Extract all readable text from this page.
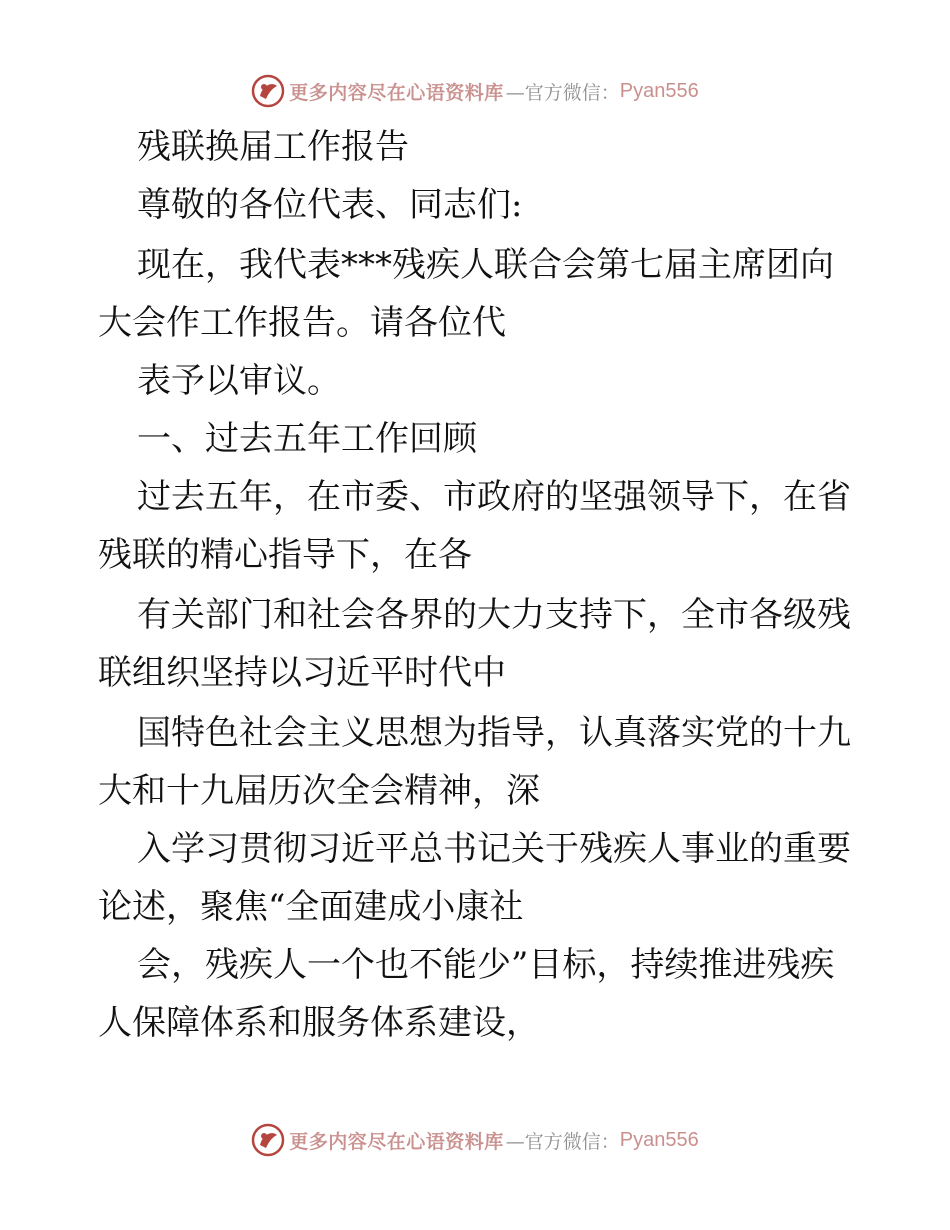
更多内容尽在心语资料库 —官方微信： Pyan556
残联换届工作报告
尊敬的各位代表、同志们:
现在，我代表***残疾人联合会第七届主席团向
大会作工作报告。请各位代
表予以审议。
一、过去五年工作回顾
过去五年，在市委、市政府的坚强领导下，在省
残联的精心指导下，在各
有关部门和社会各界的大力支持下，全市各级残
联组织坚持以习近平时代中
国特色社会主义思想为指导，认真落实党的十九
大和十九届历次全会精神，深
入学习贯彻习近平总书记关于残疾人事业的重要
论述，聚焦“全面建成小康社
会，残疾人一个也不能少”目标，持续推进残疾
人保障体系和服务体系建设，
更多内容尽在心语资料库 —官方微信： Pyan556
